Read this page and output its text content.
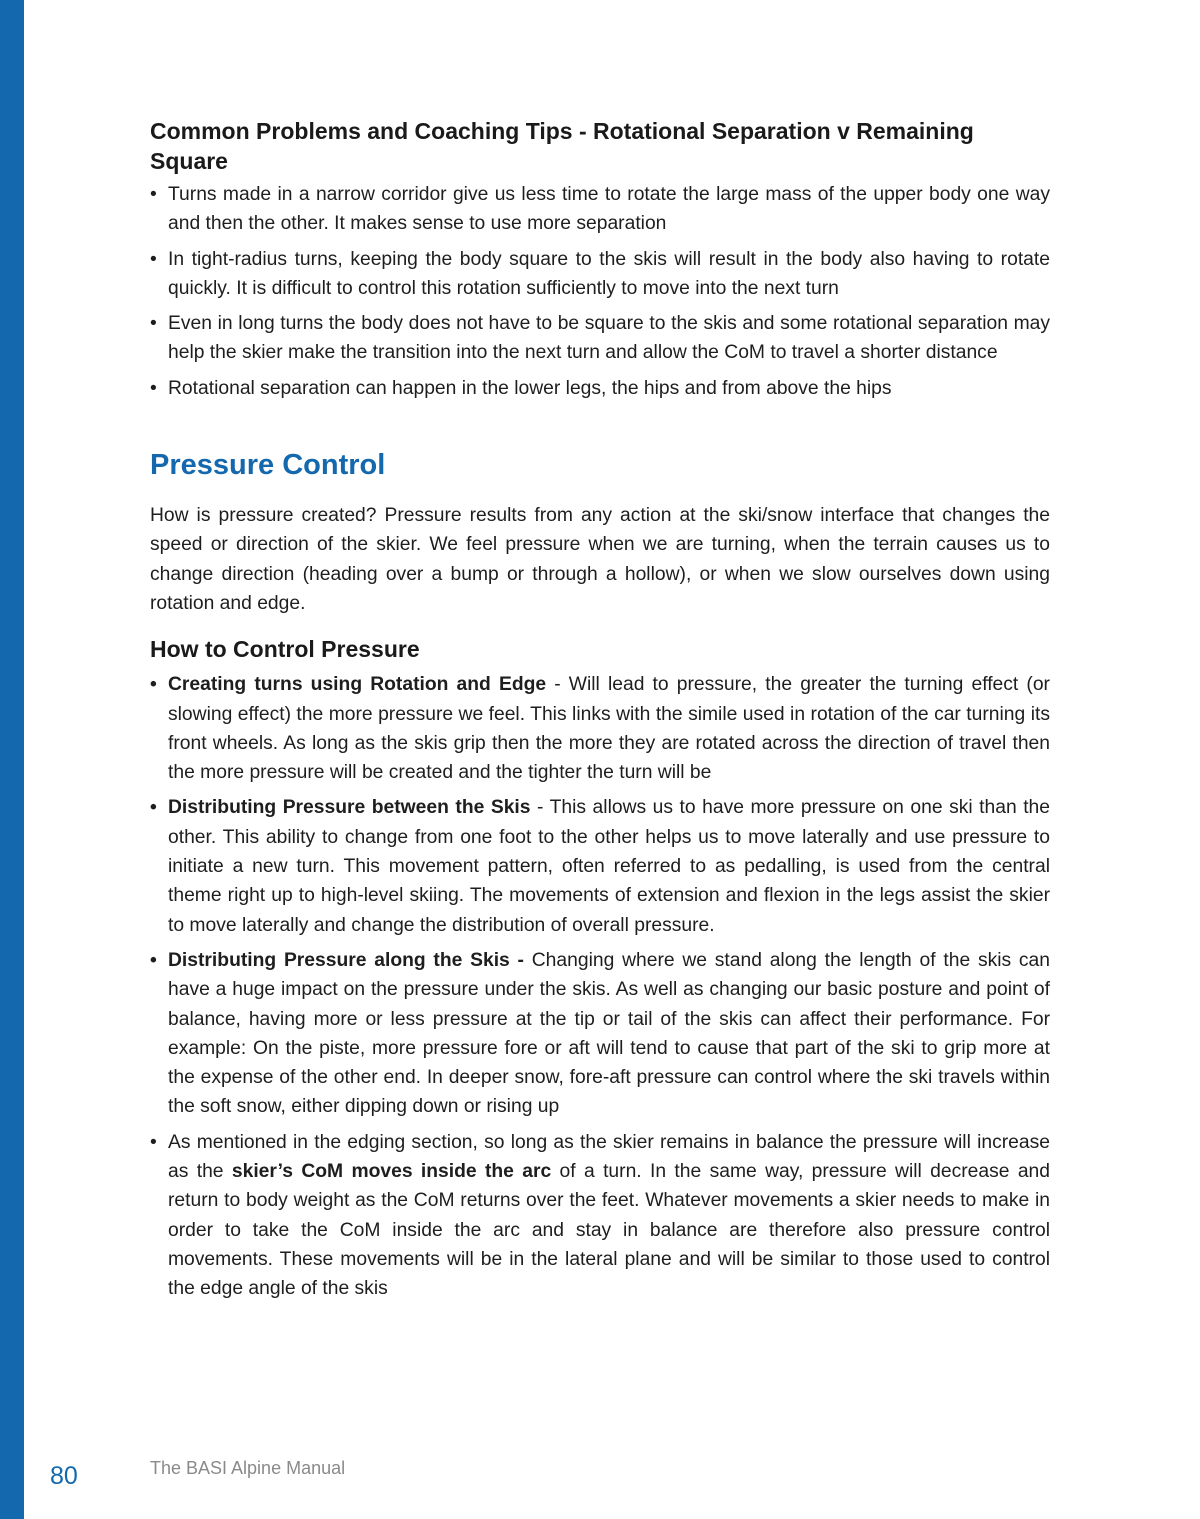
Common Problems and Coaching Tips - Rotational Separation v Remaining
Square
• Turns made in a narrow corridor give us less time to rotate the large mass of the upper body one way and then the other. It makes sense to use more separation
• In tight-radius turns, keeping the body square to the skis will result in the body also having to rotate quickly. It is difficult to control this rotation sufficiently to move into the next turn
• Even in long turns the body does not have to be square to the skis and some rotational separation may help the skier make the transition into the next turn and allow the CoM to travel a shorter distance
• Rotational separation can happen in the lower legs, the hips and from above the hips
Pressure Control

How is pressure created? Pressure results from any action at the ski/snow interface that changes the speed or direction of the skier. We feel pressure when we are turning, when the terrain causes us to change direction (heading over a bump or through a hollow), or when we slow ourselves down using rotation and edge.

How to Control Pressure
• Creating turns using Rotation and Edge - Will lead to pressure, the greater the turning effect (or slowing effect) the more pressure we feel. This links with the simile used in rotation of the car turning its front wheels. As long as the skis grip then the more they are rotated across the direction of travel then the more pressure will be created and the tighter the turn will be
• Distributing Pressure between the Skis - This allows us to have more pressure on one ski than the other. This ability to change from one foot to the other helps us to move laterally and use pressure to initiate a new turn. This movement pattern, often referred to as pedalling, is used from the central theme right up to high-level skiing. The movements of extension and flexion in the legs assist the skier to move laterally and change the distribution of overall pressure.
• Distributing Pressure along the Skis - Changing where we stand along the length of the skis can have a huge impact on the pressure under the skis. As well as changing our basic posture and point of balance, having more or less pressure at the tip or tail of the skis can affect their performance. For example: On the piste, more pressure fore or aft will tend to cause that part of the ski to grip more at the expense of the other end. In deeper snow, fore-aft pressure can control where the ski travels within the soft snow, either dipping down or rising up
• As mentioned in the edging section, so long as the skier remains in balance the pressure will increase as the skier’s CoM moves inside the arc of a turn. In the same way, pressure will decrease and return to body weight as the CoM returns over the feet. Whatever movements a skier needs to make in order to take the CoM inside the arc and stay in balance are therefore also pressure control movements. These movements will be in the lateral plane and will be similar to those used to control the edge angle of the skis
80	The BASI Alpine Manual
